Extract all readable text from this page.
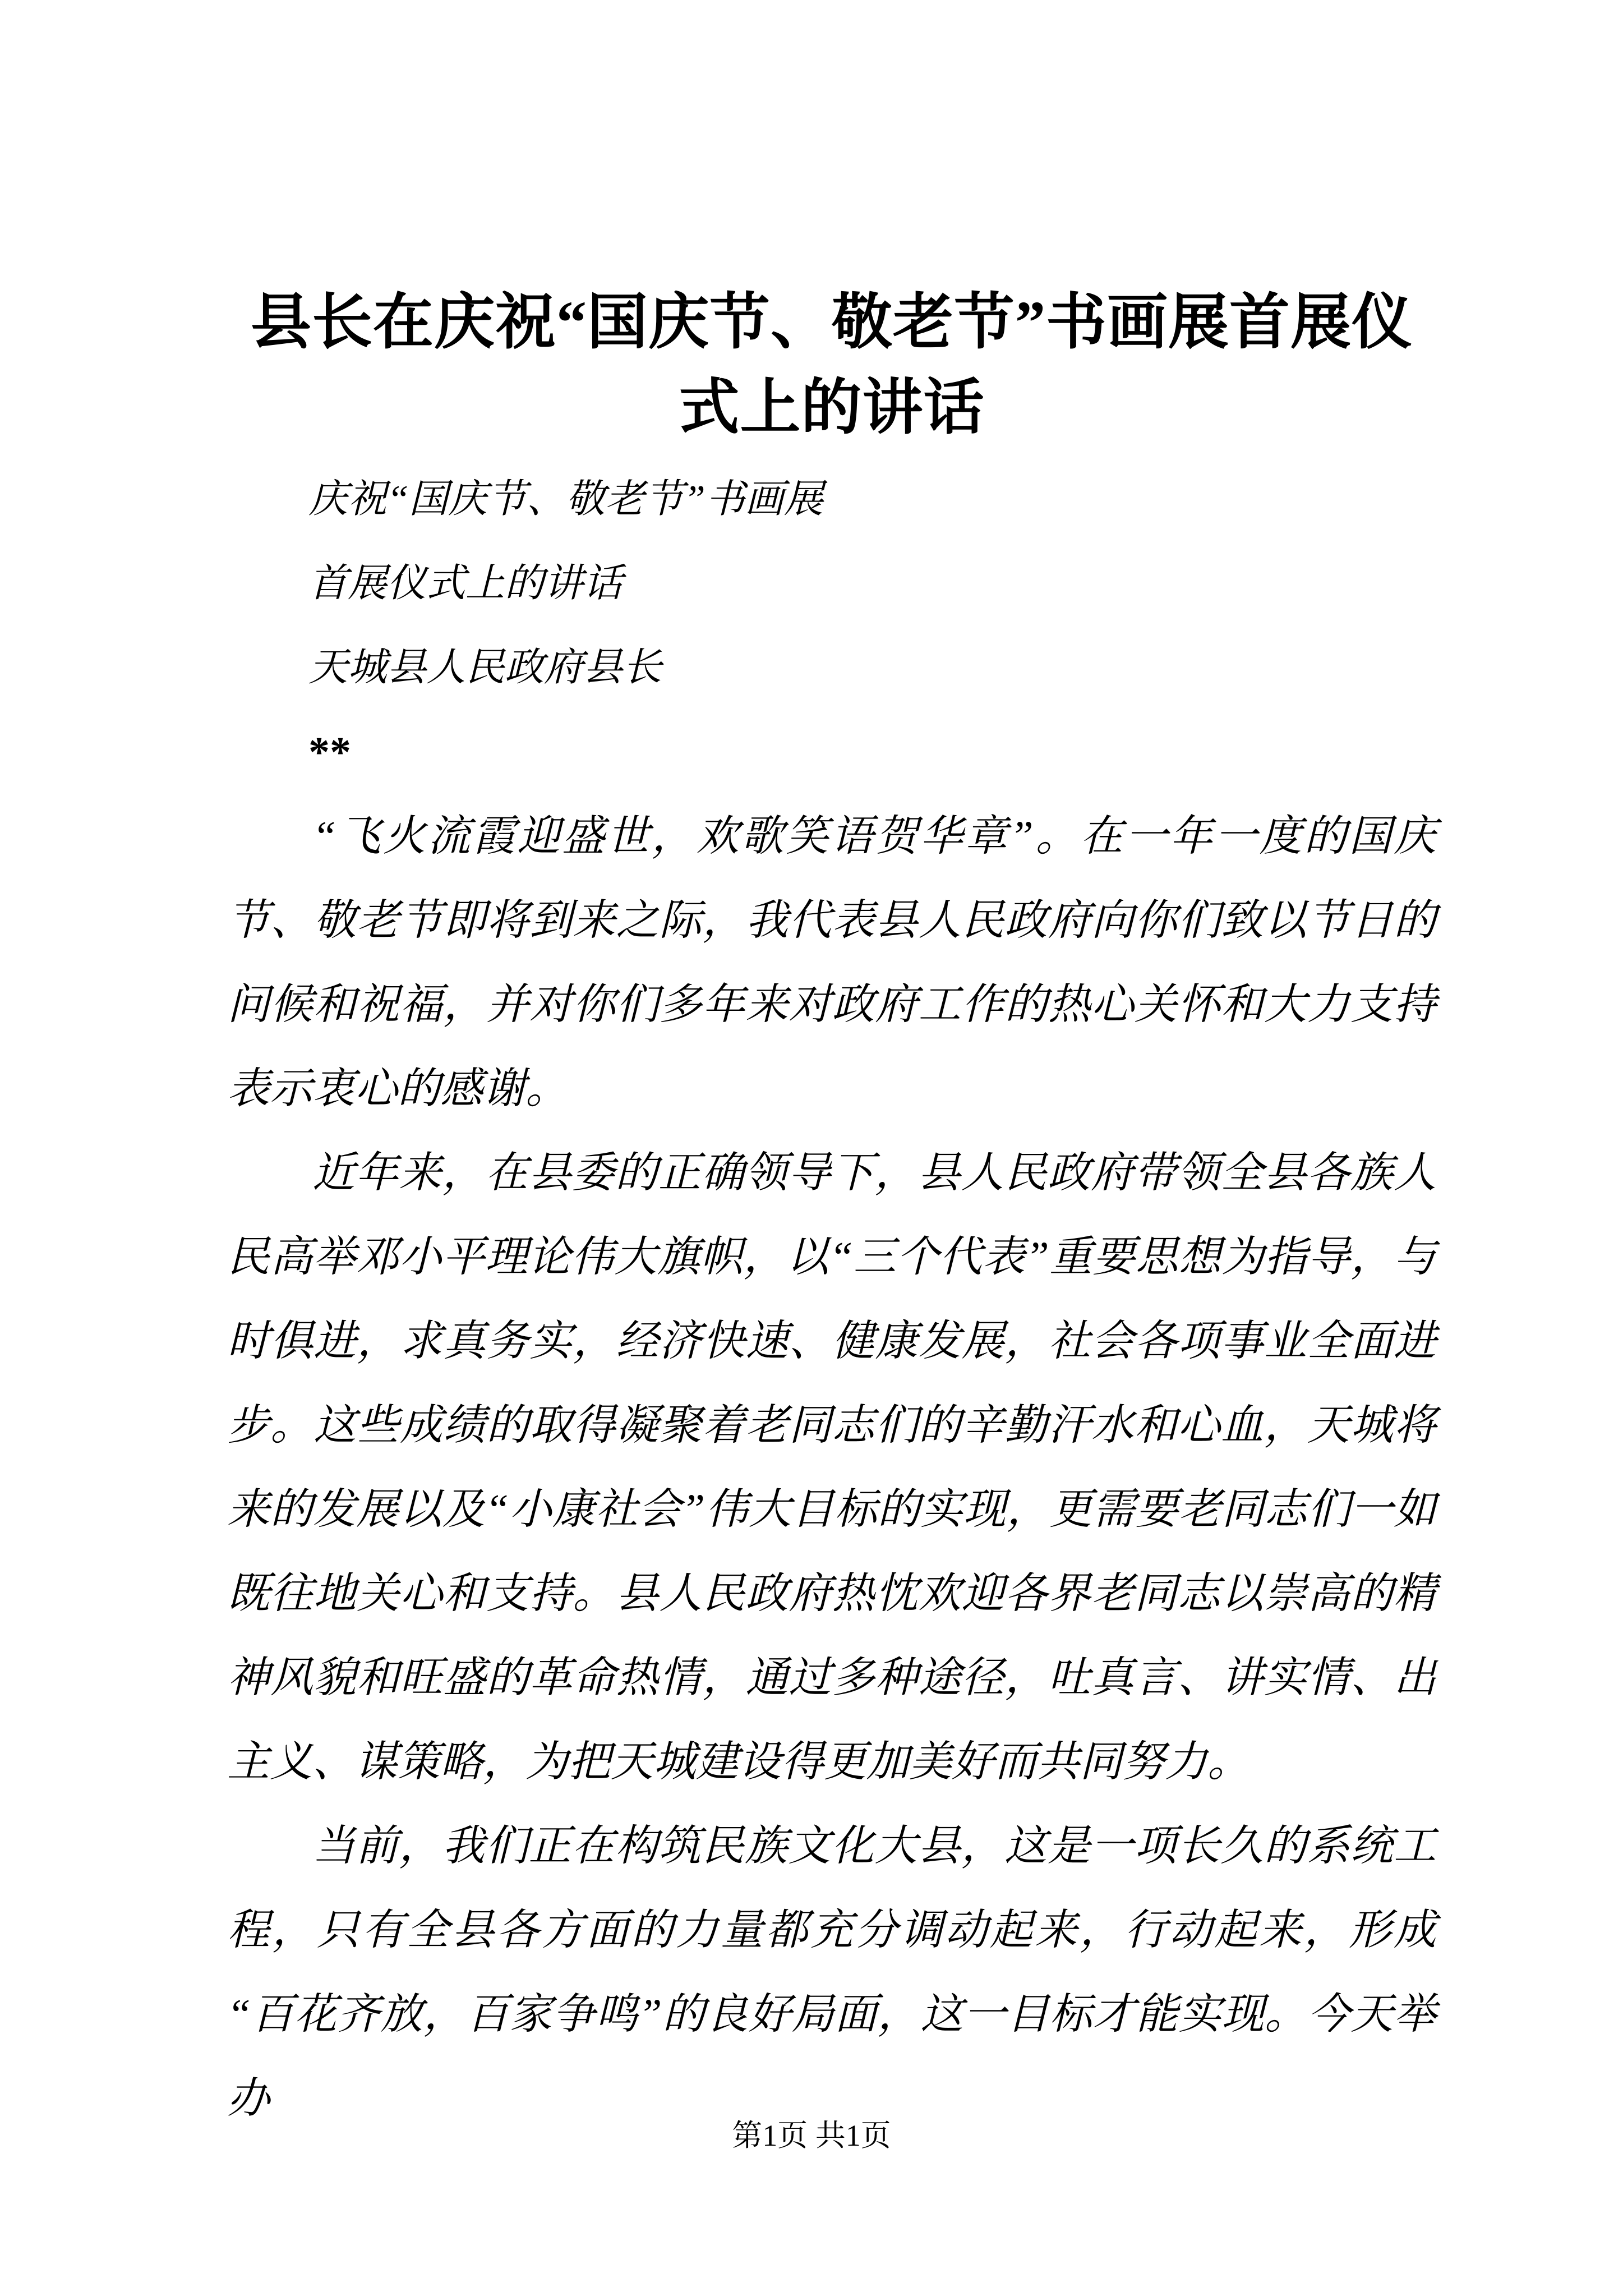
县长在庆祝“国庆节、敬老节”书画展首展仪
式上的讲话
庆祝“国庆节、敬老节”书画展
首展仪式上的讲话
天城县人民政府县长
**

“飞火流霞迎盛世，欢歌笑语贺华章”。在一年一度的国庆节、敬老节即将到来之际，我代表县人民政府向你们致以节日的问候和祝福，并对你们多年来对政府工作的热心关怀和大力支持表示衷心的感谢。

近年来，在县委的正确领导下，县人民政府带领全县各族人民高举邓小平理论伟大旗帜，以“三个代表”重要思想为指导，与时俱进，求真务实，经济快速、健康发展，社会各项事业全面进步。这些成绩的取得凝聚着老同志们的辛勤汗水和心血，天城将来的发展以及“小康社会”伟大目标的实现，更需要老同志们一如既往地关心和支持。县人民政府热忱欢迎各界老同志以崇高的精神风貌和旺盛的革命热情，通过多种途径，吐真言、讲实情、出主义、谋策略，为把天城建设得更加美好而共同努力。

当前，我们正在构筑民族文化大县，这是一项长久的系统工程，只有全县各方面的力量都充分调动起来，行动起来，形成“百花齐放，百家争鸣”的良好局面，这一目标才能实现。今天举办

第1页 共1页
